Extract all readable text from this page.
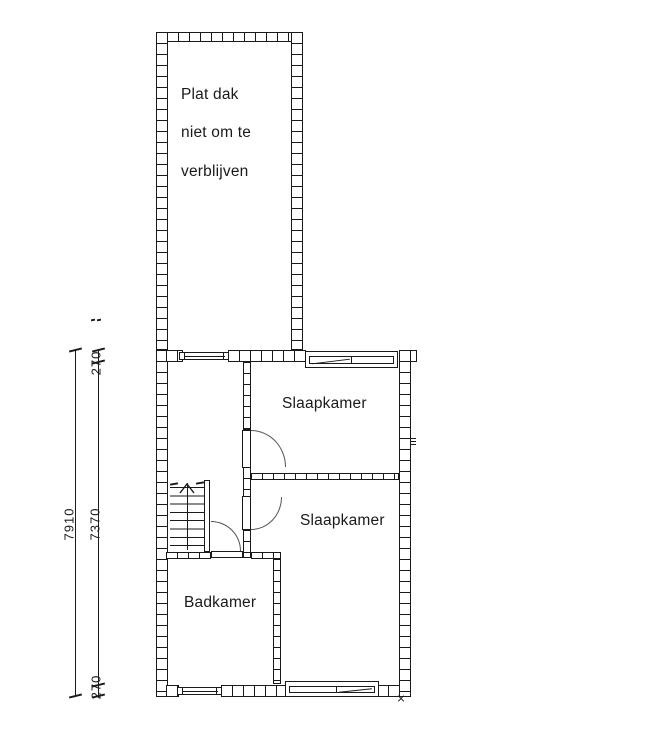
Plat dak
niet om te
verblijven
Slaapkamer
Slaapkamer
Badkamer
270
7370
270
7910
